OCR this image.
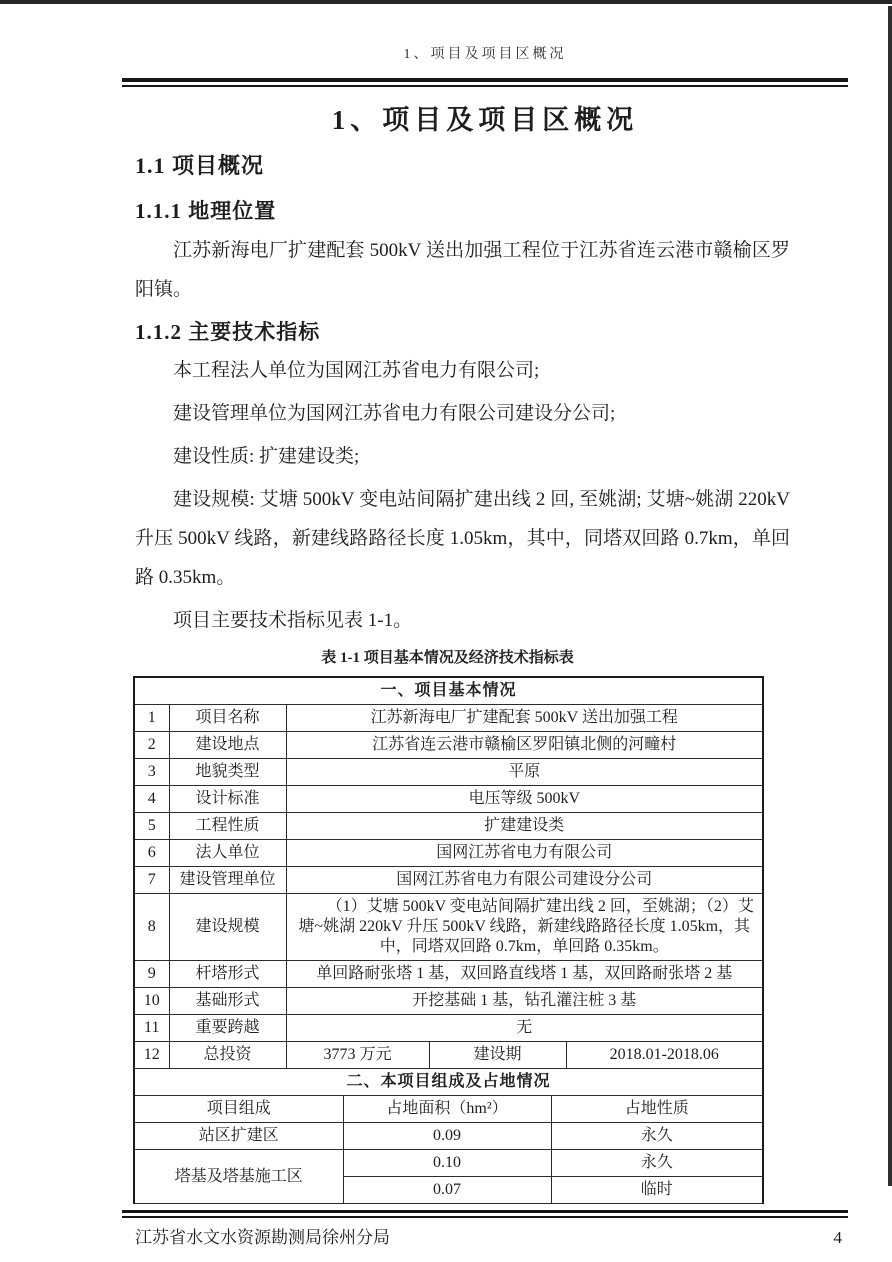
1、项目及项目区概况
1、项目及项目区概况
1.1 项目概况
1.1.1 地理位置
江苏新海电厂扩建配套 500kV 送出加强工程位于江苏省连云港市赣榆区罗阳镇。
1.1.2 主要技术指标
本工程法人单位为国网江苏省电力有限公司;
建设管理单位为国网江苏省电力有限公司建设分公司;
建设性质: 扩建建设类;
建设规模: 艾塘 500kV 变电站间隔扩建出线 2 回, 至姚湖; 艾塘~姚湖 220kV 升压 500kV 线路，新建线路路径长度 1.05km，其中，同塔双回路 0.7km，单回路 0.35km。
项目主要技术指标见表 1-1。
表 1-1 项目基本情况及经济技术指标表
一、项目基本情况				
1	项目名称	江苏新海电厂扩建配套 500kV 送出加强工程		
2	建设地点	江苏省连云港市赣榆区罗阳镇北侧的河疃村		
3	地貌类型	平原		
4	设计标准	电压等级 500kV		
5	工程性质	扩建建设类		
6	法人单位	国网江苏省电力有限公司		
7	建设管理单位	国网江苏省电力有限公司建设分公司		
8	建设规模	（1）艾塘 500kV 变电站间隔扩建出线 2 回，至姚湖；（2）艾塘~姚湖 220kV 升压 500kV 线路，新建线路路径长度 1.05km，其中，同塔双回路 0.7km，单回路 0.35km。		
9	杆塔形式	单回路耐张塔 1 基，双回路直线塔 1 基，双回路耐张塔 2 基		
10	基础形式	开挖基础 1 基，钻孔灌注桩 3 基		
11	重要跨越	无		
12	总投资	3773 万元	建设期	2018.01-2018.06
二、本项目组成及占地情况		
项目组成	占地面积（hm²）	占地性质
站区扩建区	0.09	永久
塔基及塔基施工区	0.10	永久
	0.07	临时
江苏省水文水资源勘测局徐州分局	4
